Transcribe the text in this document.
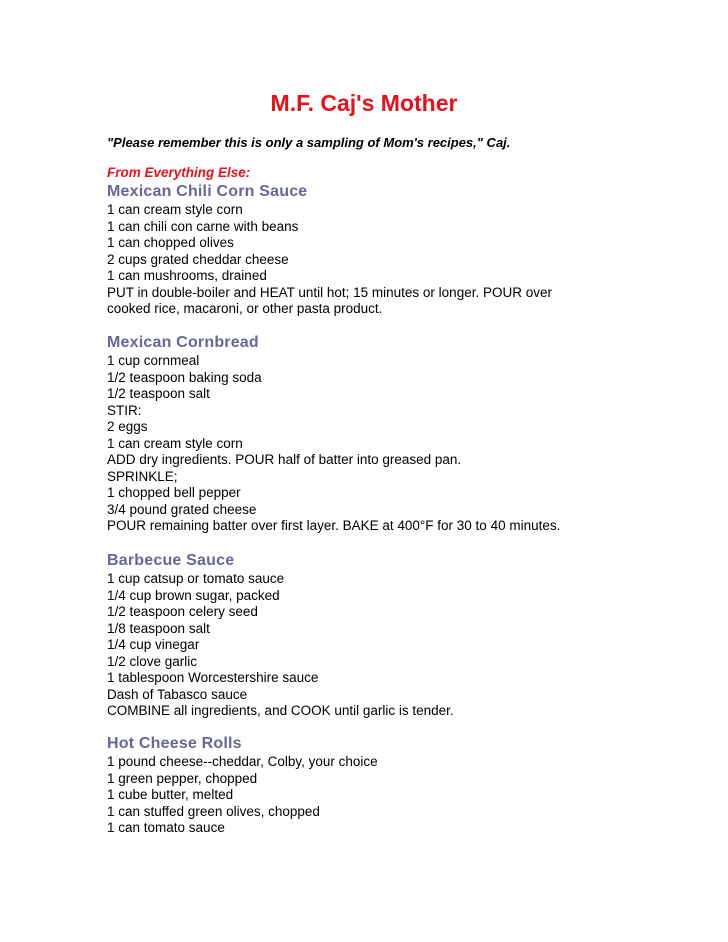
M.F. Caj's Mother
"Please remember this is only a sampling of Mom's recipes," Caj.
From Everything Else:
Mexican Chili Corn Sauce
1 can cream style corn
1 can chili con carne with beans
1 can chopped olives
2 cups grated cheddar cheese
1 can mushrooms, drained
PUT in double-boiler and HEAT until hot; 15 minutes or longer. POUR over
cooked rice, macaroni, or other pasta product.
Mexican Cornbread
1 cup cornmeal
1/2 teaspoon baking soda
1/2 teaspoon salt
STIR:
2 eggs
1 can cream style corn
ADD dry ingredients. POUR half of batter into greased pan.
SPRINKLE;
1 chopped bell pepper
3/4 pound grated cheese
POUR remaining batter over first layer. BAKE at 400°F for 30 to 40 minutes.
Barbecue Sauce
1 cup catsup or tomato sauce
1/4 cup brown sugar, packed
1/2 teaspoon celery seed
1/8 teaspoon salt
1/4 cup vinegar
1/2 clove garlic
1 tablespoon Worcestershire sauce
Dash of Tabasco sauce
COMBINE all ingredients, and COOK until garlic is tender.
Hot Cheese Rolls
1 pound cheese--cheddar, Colby, your choice
1 green pepper, chopped
1 cube butter, melted
1 can stuffed green olives, chopped
1 can tomato sauce
